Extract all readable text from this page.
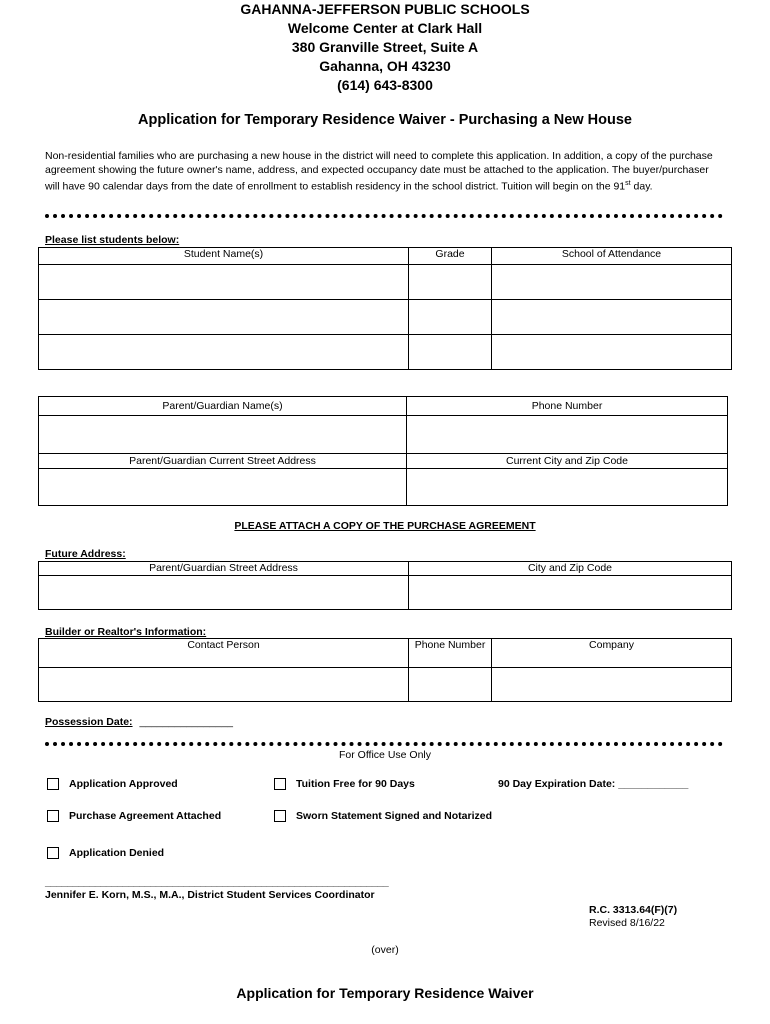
GAHANNA-JEFFERSON PUBLIC SCHOOLS
Welcome Center at Clark Hall
380 Granville Street, Suite A
Gahanna, OH 43230
(614) 643-8300
Application for Temporary Residence Waiver - Purchasing a New House
Non-residential families who are purchasing a new house in the district will need to complete this application. In addition, a copy of the purchase agreement showing the future owner's name, address, and expected occupancy date must be attached to the application. The buyer/purchaser will have 90 calendar days from the date of enrollment to establish residency in the school district. Tuition will begin on the 91st day.
Please list students below:
Student Name(s)	Grade	School of Attendance

Parent/Guardian Name(s)	Phone Number

Parent/Guardian Current Street Address	Current City and Zip Code

PLEASE ATTACH A COPY OF THE PURCHASE AGREEMENT
Future Address:
Parent/Guardian Street Address	City and Zip Code

Builder or Realtor's Information:
Contact Person	Phone Number	Company

Possession Date: ________________
For Office Use Only
Application Approved	Tuition Free for 90 Days	90 Day Expiration Date: ____________
Purchase Agreement Attached	Sworn Statement Signed and Notarized
Application Denied
______________________________________________________________
Jennifer E. Korn, M.S., M.A., District Student Services Coordinator
R.C. 3313.64(F)(7)
Revised 8/16/22
(over)
Application for Temporary Residence Waiver
